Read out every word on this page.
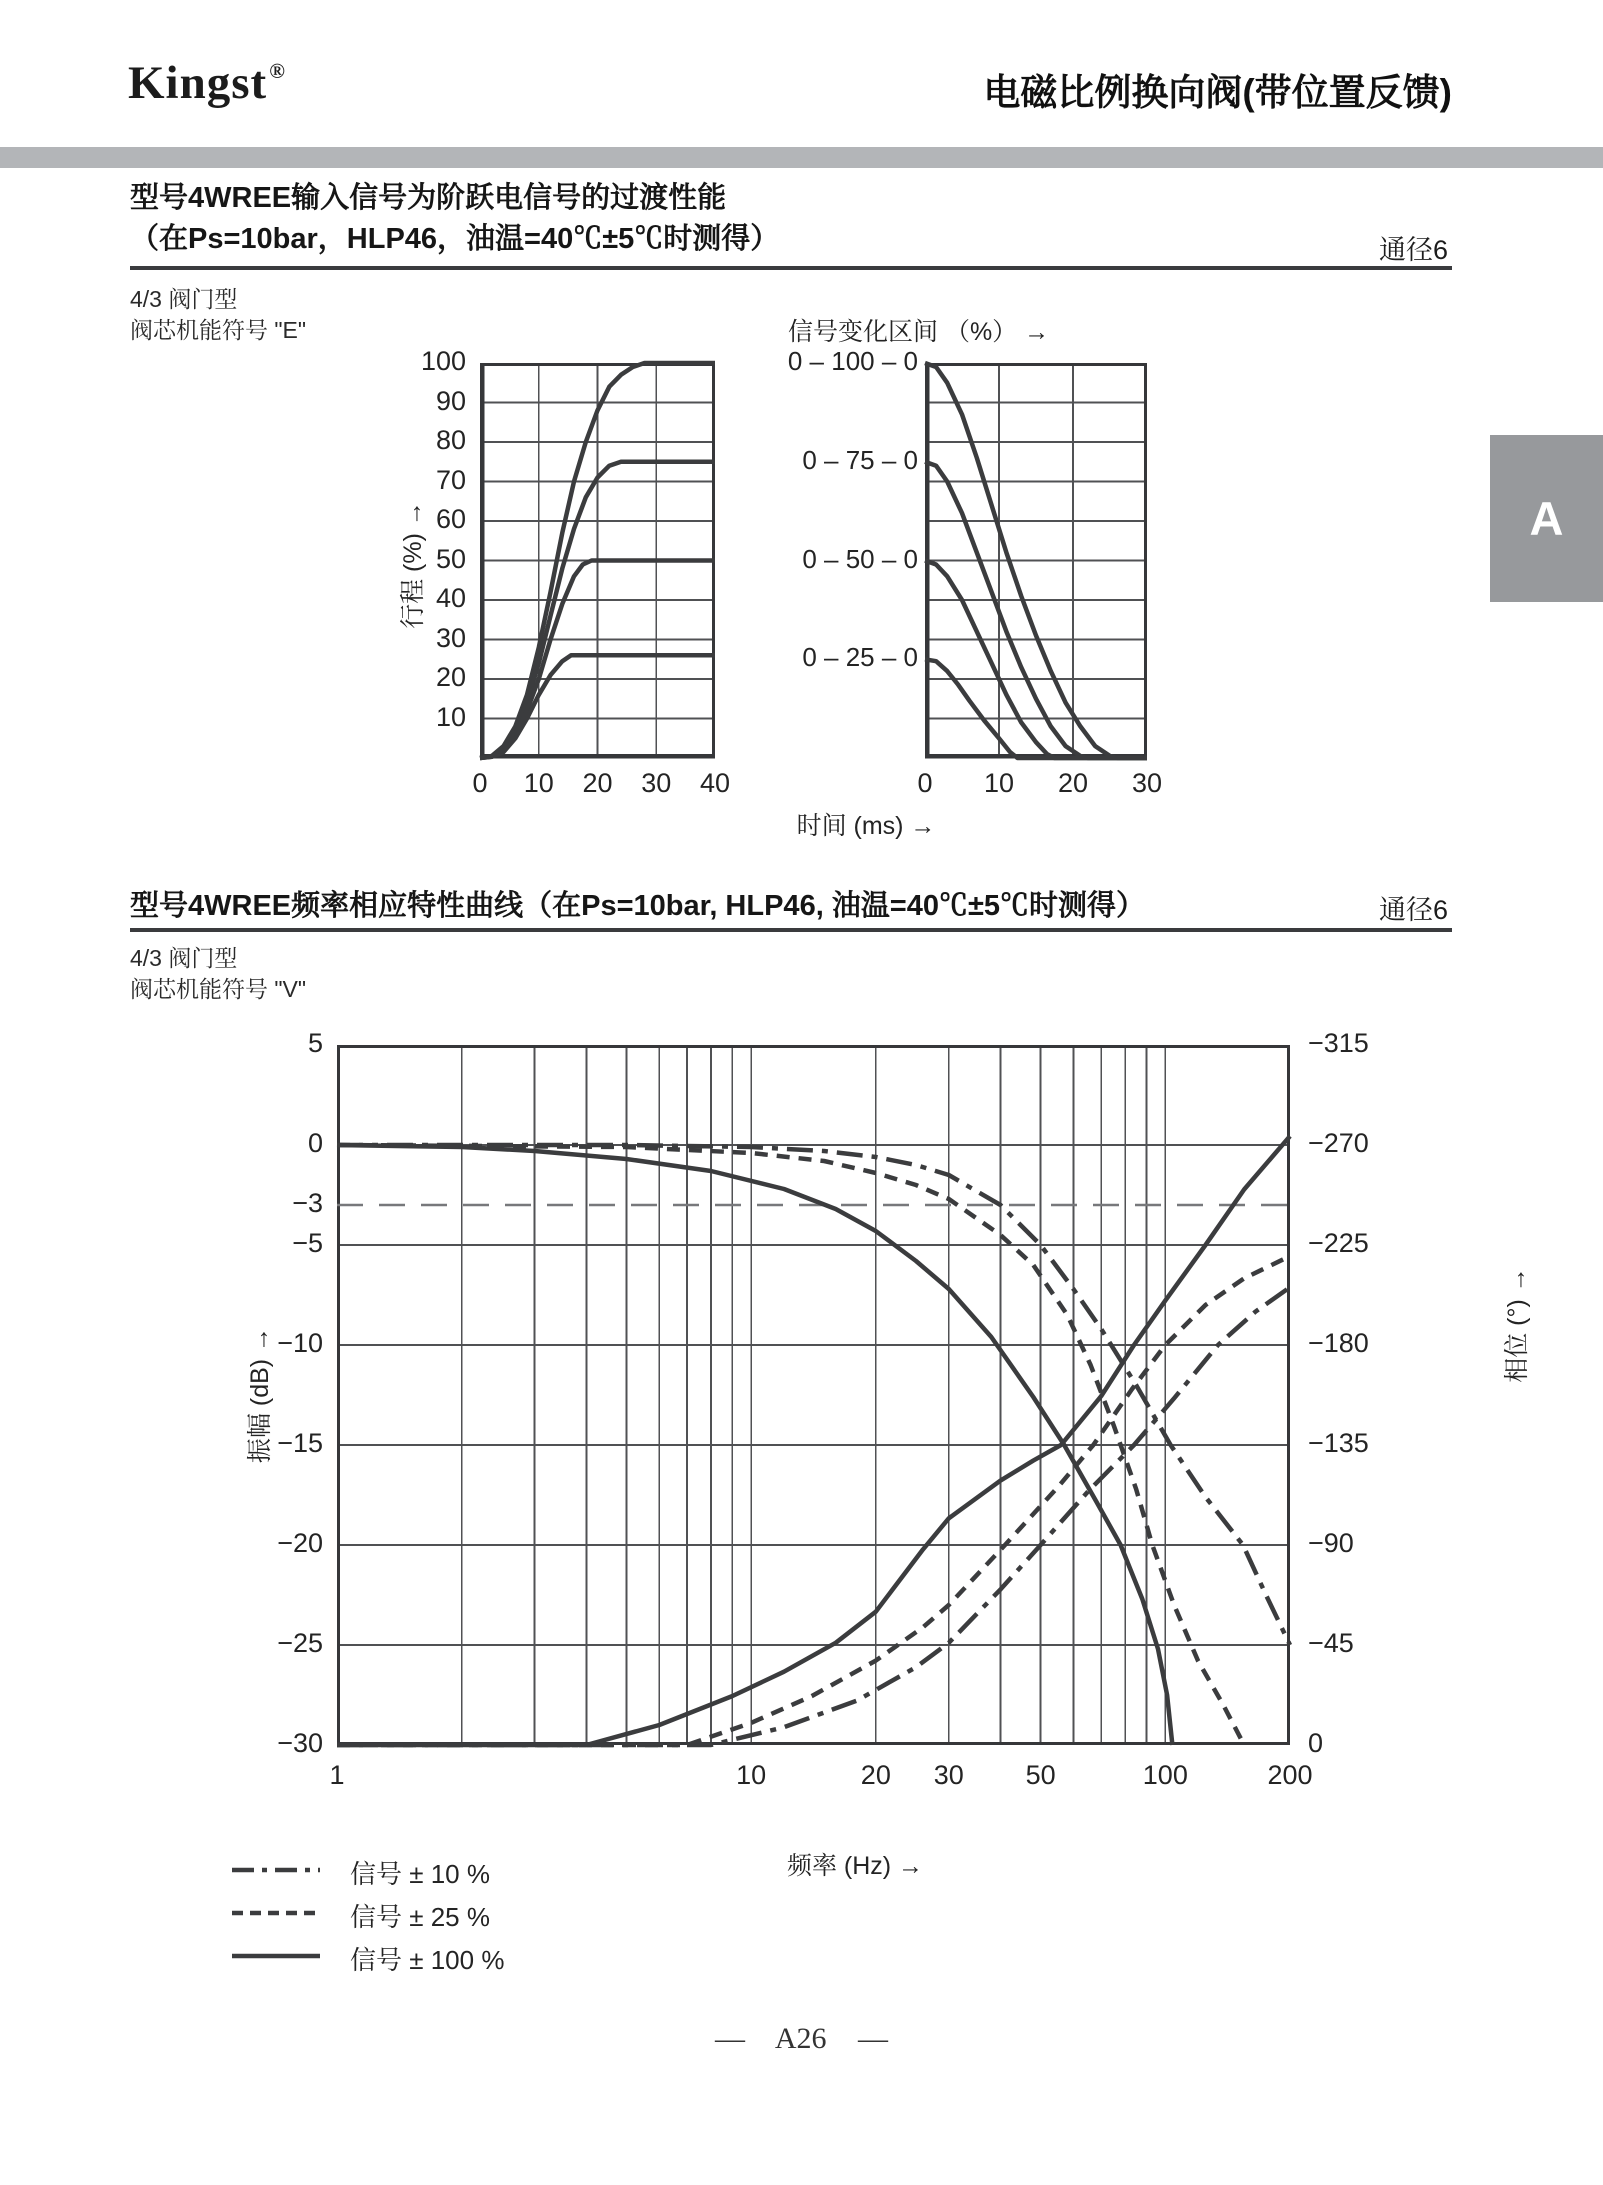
Kingst®
电磁比例换向阀(带位置反馈)
A
型号4WREE输入信号为阶跃电信号的过渡性能
（在Ps=10bar，HLP46，油温=40℃±5℃时测得）	通径6
4/3 阀门型
阀芯机能符号 "E"
10
20
30
40
50
60
70
80
90
100
0	10	20	30	40	0	10	20	30
0 – 100 – 0
0 – 75 – 0
0 – 50 – 0
0 – 25 – 0
信号变化区间 （%） →
时间 (ms) →
行程 (%) →
型号4WREE频率相应特性曲线（在Ps=10bar, HLP46, 油温=40℃±5℃时测得）	通径6
4/3 阀门型
阀芯机能符号 "V"
5
0
−3
−5
−10
−15
−20
−25
−30
−315
−270
−225
−180
−135
−90
−45
0
1	10	20	30	50	100	200
频率 (Hz) →
振幅 (dB) →
相位 (°) →
信号 ± 10 %
信号 ± 25 %
信号 ± 100 %
— A26 —
